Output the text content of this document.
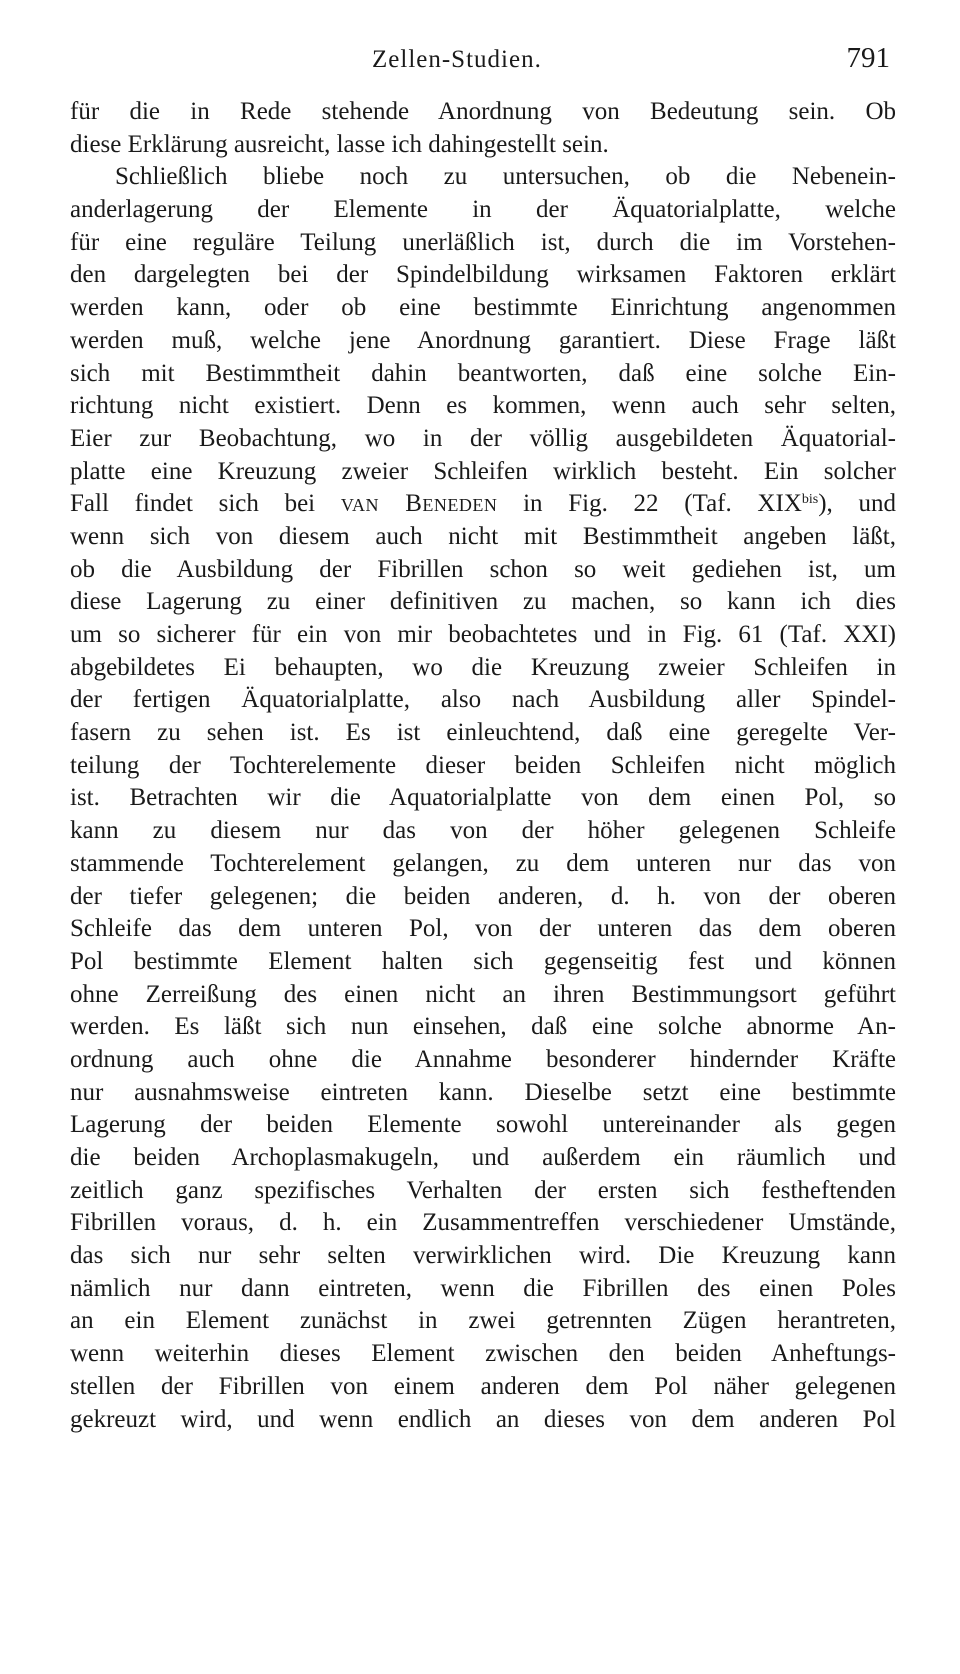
Zellen-Studien.	791
für die in Rede stehende Anordnung von Bedeutung sein. Ob
diese Erklärung ausreicht, lasse ich dahingestellt sein.
Schließlich bliebe noch zu untersuchen, ob die Nebenein-
anderlagerung der Elemente in der Äquatorialplatte, welche
für eine reguläre Teilung unerläßlich ist, durch die im Vorstehen-
den dargelegten bei der Spindelbildung wirksamen Faktoren erklärt
werden kann, oder ob eine bestimmte Einrichtung angenommen
werden muß, welche jene Anordnung garantiert. Diese Frage läßt
sich mit Bestimmtheit dahin beantworten, daß eine solche Ein-
richtung nicht existiert. Denn es kommen, wenn auch sehr selten,
Eier zur Beobachtung, wo in der völlig ausgebildeten Äquatorial-
platte eine Kreuzung zweier Schleifen wirklich besteht. Ein solcher
Fall findet sich bei van Beneden in Fig. 22 (Taf. $XIX^{bis}$), und
wenn sich von diesem auch nicht mit Bestimmtheit angeben läßt,
ob die Ausbildung der Fibrillen schon so weit gediehen ist, um
diese Lagerung zu einer definitiven zu machen, so kann ich dies
um so sicherer für ein von mir beobachtetes und in Fig. 61 (Taf. XXI)
abgebildetes Ei behaupten, wo die Kreuzung zweier Schleifen in
der fertigen Äquatorialplatte, also nach Ausbildung aller Spindel-
fasern zu sehen ist. Es ist einleuchtend, daß eine geregelte Ver-
teilung der Tochterelemente dieser beiden Schleifen nicht möglich
ist. Betrachten wir die Aquatorialplatte von dem einen Pol, so
kann zu diesem nur das von der höher gelegenen Schleife
stammende Tochterelement gelangen, zu dem unteren nur das von
der tiefer gelegenen; die beiden anderen, d. h. von der oberen
Schleife das dem unteren Pol, von der unteren das dem oberen
Pol bestimmte Element halten sich gegenseitig fest und können
ohne Zerreißung des einen nicht an ihren Bestimmungsort geführt
werden. Es läßt sich nun einsehen, daß eine solche abnorme An-
ordnung auch ohne die Annahme besonderer hindernder Kräfte
nur ausnahmsweise eintreten kann. Dieselbe setzt eine bestimmte
Lagerung der beiden Elemente sowohl untereinander als gegen
die beiden Archoplasmakugeln, und außerdem ein räumlich und
zeitlich ganz spezifisches Verhalten der ersten sich festheftenden
Fibrillen voraus, d. h. ein Zusammentreffen verschiedener Umstände,
das sich nur sehr selten verwirklichen wird. Die Kreuzung kann
nämlich nur dann eintreten, wenn die Fibrillen des einen Poles
an ein Element zunächst in zwei getrennten Zügen herantreten,
wenn weiterhin dieses Element zwischen den beiden Anheftungs-
stellen der Fibrillen von einem anderen dem Pol näher gelegenen
gekreuzt wird, und wenn endlich an dieses von dem anderen Pol
